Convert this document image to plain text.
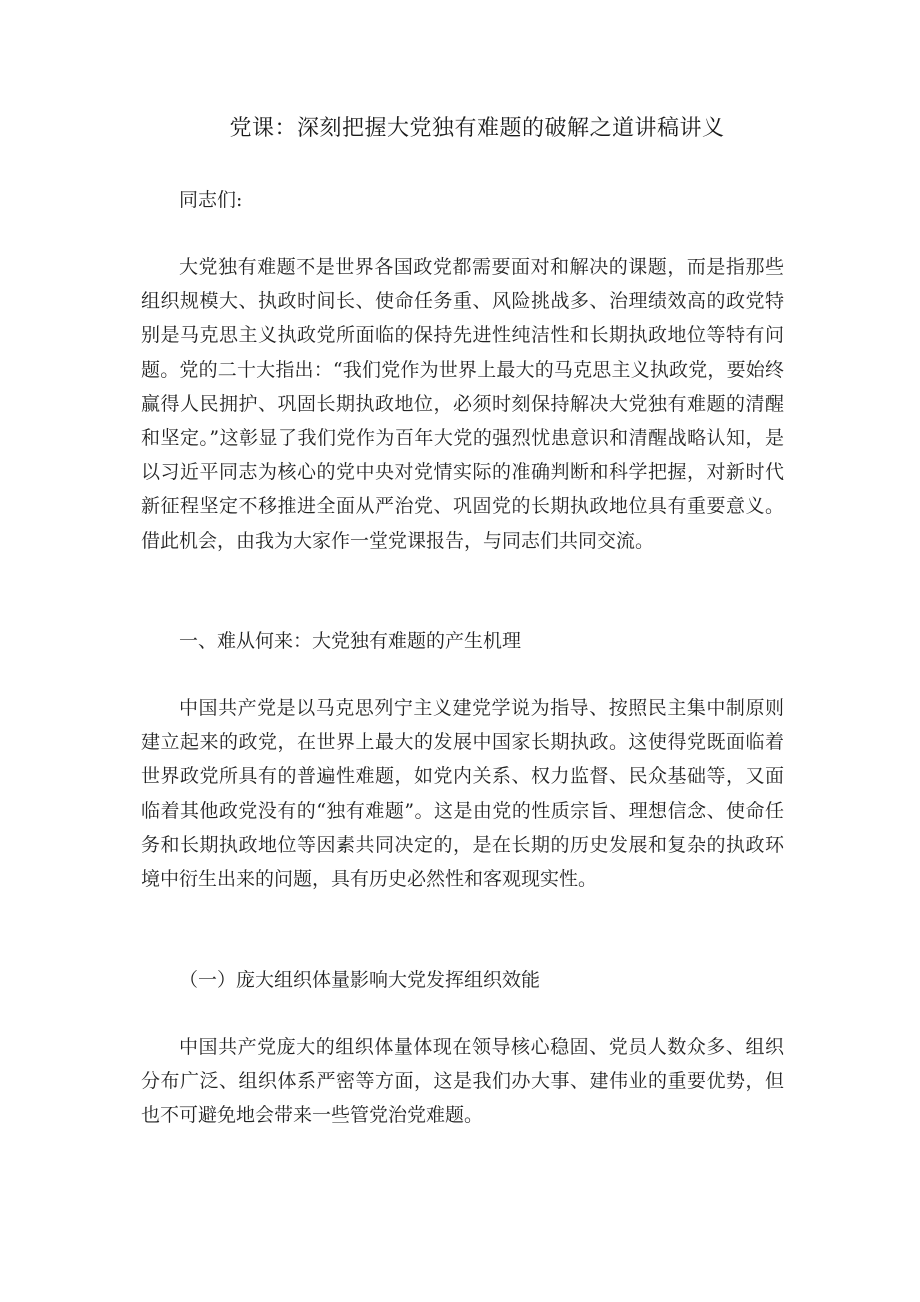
党课：深刻把握大党独有难题的破解之道讲稿讲义

同志们:

大党独有难题不是世界各国政党都需要面对和解决的课题，而是指那些组织规模大、执政时间长、使命任务重、风险挑战多、治理绩效高的政党特别是马克思主义执政党所面临的保持先进性纯洁性和长期执政地位等特有问题。党的二十大指出：“我们党作为世界上最大的马克思主义执政党，要始终赢得人民拥护、巩固长期执政地位，必须时刻保持解决大党独有难题的清醒和坚定。”这彰显了我们党作为百年大党的强烈忧患意识和清醒战略认知，是以习近平同志为核心的党中央对党情实际的准确判断和科学把握，对新时代新征程坚定不移推进全面从严治党、巩固党的长期执政地位具有重要意义。借此机会，由我为大家作一堂党课报告，与同志们共同交流。

一、难从何来：大党独有难题的产生机理

中国共产党是以马克思列宁主义建党学说为指导、按照民主集中制原则建立起来的政党，在世界上最大的发展中国家长期执政。这使得党既面临着世界政党所具有的普遍性难题，如党内关系、权力监督、民众基础等，又面临着其他政党没有的“独有难题”。这是由党的性质宗旨、理想信念、使命任务和长期执政地位等因素共同决定的，是在长期的历史发展和复杂的执政环境中衍生出来的问题，具有历史必然性和客观现实性。

（一）庞大组织体量影响大党发挥组织效能

中国共产党庞大的组织体量体现在领导核心稳固、党员人数众多、组织分布广泛、组织体系严密等方面，这是我们办大事、建伟业的重要优势，但也不可避免地会带来一些管党治党难题。
